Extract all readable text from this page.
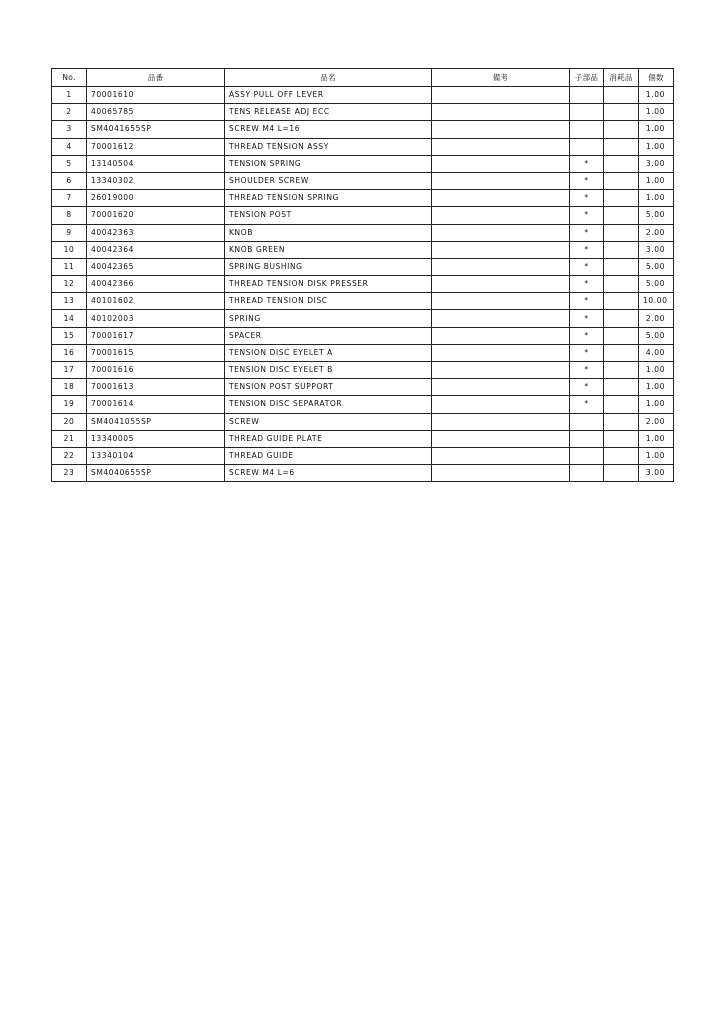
No.	品番	品名	備考	子部品	消耗品	個数
1	70001610	ASSY PULL OFF LEVER				1.00
2	40065785	TENS RELEASE ADJ ECC				1.00
3	SM4041655SP	SCREW M4 L=16				1.00
4	70001612	THREAD TENSION ASSY				1.00
5	13140504	TENSION SPRING		*		3.00
6	13340302	SHOULDER SCREW		*		1.00
7	26019000	THREAD TENSION SPRING		*		1.00
8	70001620	TENSION POST		*		5.00
9	40042363	KNOB		*		2.00
10	40042364	KNOB GREEN		*		3.00
11	40042365	SPRING BUSHING		*		5.00
12	40042366	THREAD TENSION DISK PRESSER		*		5.00
13	40101602	THREAD TENSION DISC		*		10.00
14	40102003	SPRING		*		2.00
15	70001617	SPACER		*		5.00
16	70001615	TENSION DISC EYELET A		*		4.00
17	70001616	TENSION DISC EYELET B		*		1.00
18	70001613	TENSION POST SUPPORT		*		1.00
19	70001614	TENSION DISC SEPARATOR		*		1.00
20	SM4041055SP	SCREW				2.00
21	13340005	THREAD GUIDE PLATE				1.00
22	13340104	THREAD GUIDE				1.00
23	SM4040655SP	SCREW M4 L=6				3.00
